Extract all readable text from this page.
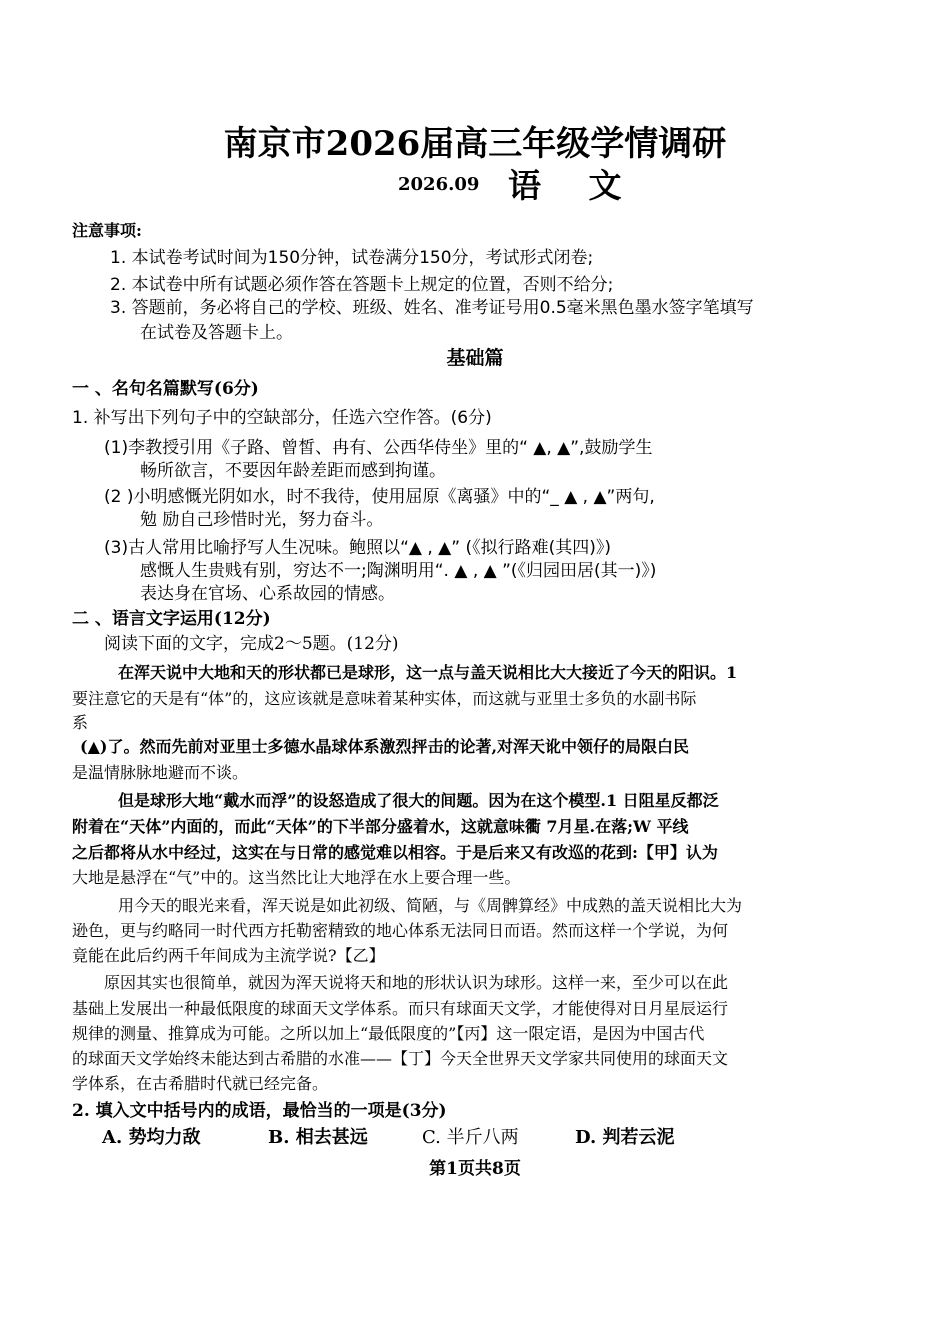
南京市2026届高三年级学情调研
2026.09 语 文
注意事项:
1. 本试卷考试时间为150分钟，试卷满分150分，考试形式闭卷;
2. 本试卷中所有试题必须作答在答题卡上规定的位置，否则不给分;
3. 答题前，务必将自己的学校、班级、姓名、准考证号用0.5毫米黑色墨水签字笔填写
在试卷及答题卡上。
基础篇
一 、名句名篇默写(6分)
1. 补写出下列句子中的空缺部分，任选六空作答。(6分)
(1)李教授引用《子路、曾皙、冉有、公西华侍坐》里的“ ▲, ▲”,鼓励学生
畅所欲言，不要因年龄差距而感到拘谨。
(2 )小明感慨光阴如水，时不我待，使用屈原《离骚》中的“_ ▲ , ▲”两句,
勉 励自己珍惜时光，努力奋斗。
(3)古人常用比喻抒写人生况味。鲍照以“▲ , ▲” (《拟行路难(其四)》)
感慨人生贵贱有别，穷达不一;陶渊明用“. ▲ , ▲ ”(《归园田居(其一)》)
表达身在官场、心系故园的情感。
二 、语言文字运用(12分)
阅读下面的文字，完成2～5题。(12分)
在浑天说中大地和天的形状都已是球形，这一点与盖天说相比大大接近了今天的阳识。1
要注意它的天是有“体”的，这应该就是意味着某种实体，而这就与亚里士多负的水副书际
系
(▲)了。然而先前对亚里士多德水晶球体系激烈抨击的论著,对浑天讹中领仔的局限白民
是温情脉脉地避而不谈。
但是球形大地“戴水而浮”的设怒造成了很大的间题。因为在这个模型.1 日阻星反都泛
附着在“天体”内面的，而此“天体”的下半部分盛着水，这就意味衢 7月星.在落;W 平线
之后都将从水中经过，这实在与日常的感觉难以相容。于是后来又有改巡的花到:【甲】认为
大地是悬浮在“气”中的。这当然比让大地浮在水上要合理一些。
用今天的眼光来看，浑天说是如此初级、简陋，与《周髀算经》中成熟的盖天说相比大为
逊色，更与约略同一时代西方托勒密精致的地心体系无法同日而语。然而这样一个学说，为何
竟能在此后约两千年间成为主流学说?【乙】
原因其实也很简单，就因为浑天说将天和地的形状认识为球形。这样一来，至少可以在此
基础上发展出一种最低限度的球面天文学体系。而只有球面天文学，才能使得对日月星辰运行
规律的测量、推算成为可能。之所以加上“最低限度的”【丙】这一限定语，是因为中国古代
的球面天文学始终未能达到古希腊的水准——【丁】今天全世界天文学家共同使用的球面天文
学体系，在古希腊时代就已经完备。
2. 填入文中括号内的成语，最恰当的一项是(3分)
A. 势均力敌	B. 相去甚远	C. 半斤八两	D. 判若云泥
第1页共8页
